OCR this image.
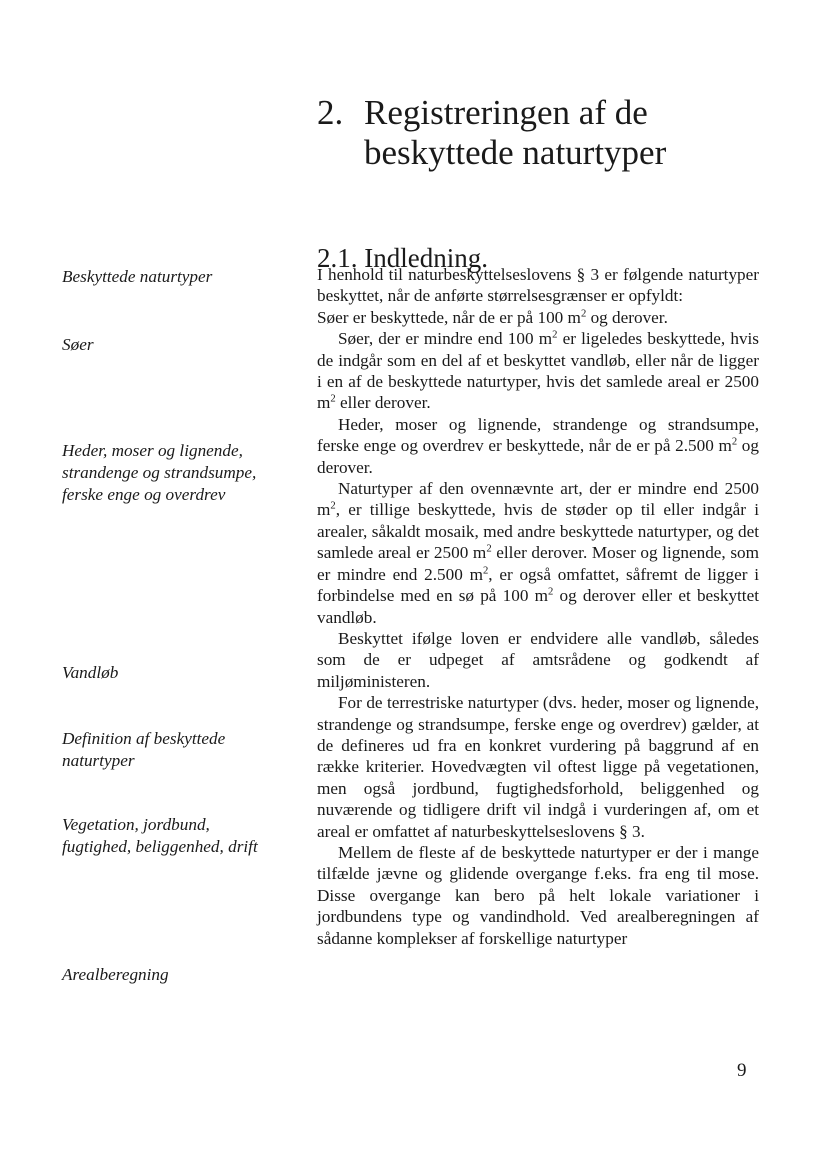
2. Registreringen af de beskyttede naturtyper
2.1. Indledning.
Beskyttede naturtyper
Søer
Heder, moser og lignende, strandenge og strandsumpe, ferske enge og overdrev
Vandløb
Definition af beskyttede naturtyper
Vegetation, jordbund, fugtighed, beliggenhed, drift
Arealberegning

I henhold til naturbeskyttelseslovens § 3 er følgende naturtyper beskyttet, når de anførte størrelsesgrænser er opfyldt:

Søer er beskyttede, når de er på 100 $m^2$ og derover.

Søer, der er mindre end 100 $m^2$ er ligeledes beskyttede, hvis de indgår som en del af et beskyttet vandløb, eller når de ligger i en af de beskyttede naturtyper, hvis det samlede areal er 2500 $m^2$ eller derover.

Heder, moser og lignende, strandenge og strandsumpe, ferske enge og overdrev er beskyttede, når de er på 2.500 $m^2$ og derover.

Naturtyper af den ovennævnte art, der er mindre end 2500 $m^2$, er tillige beskyttede, hvis de støder op til eller indgår i arealer, såkaldt mosaik, med andre beskyttede naturtyper, og det samlede areal er 2500 $m^2$ eller derover. Moser og lignende, som er mindre end 2.500 $m^2$, er også omfattet, såfremt de ligger i forbindelse med en sø på 100 $m^2$ og derover eller et beskyttet vandløb.

Beskyttet ifølge loven er endvidere alle vandløb, således som de er udpeget af amtsrådene og godkendt af miljøministeren.

For de terrestriske naturtyper (dvs. heder, moser og lignende, strandenge og strandsumpe, ferske enge og overdrev) gælder, at de defineres ud fra en konkret vurdering på baggrund af en række kriterier. Hovedvægten vil oftest ligge på vegetationen, men også jordbund, fugtighedsforhold, beliggenhed og nuværende og tidligere drift vil indgå i vurderingen af, om et areal er omfattet af naturbeskyttelseslovens § 3.

Mellem de fleste af de beskyttede naturtyper er der i mange tilfælde jævne og glidende overgange f.eks. fra eng til mose. Disse overgange kan bero på helt lokale variationer i jordbundens type og vandindhold. Ved arealberegningen af sådanne komplekser af forskellige naturtyper

9
